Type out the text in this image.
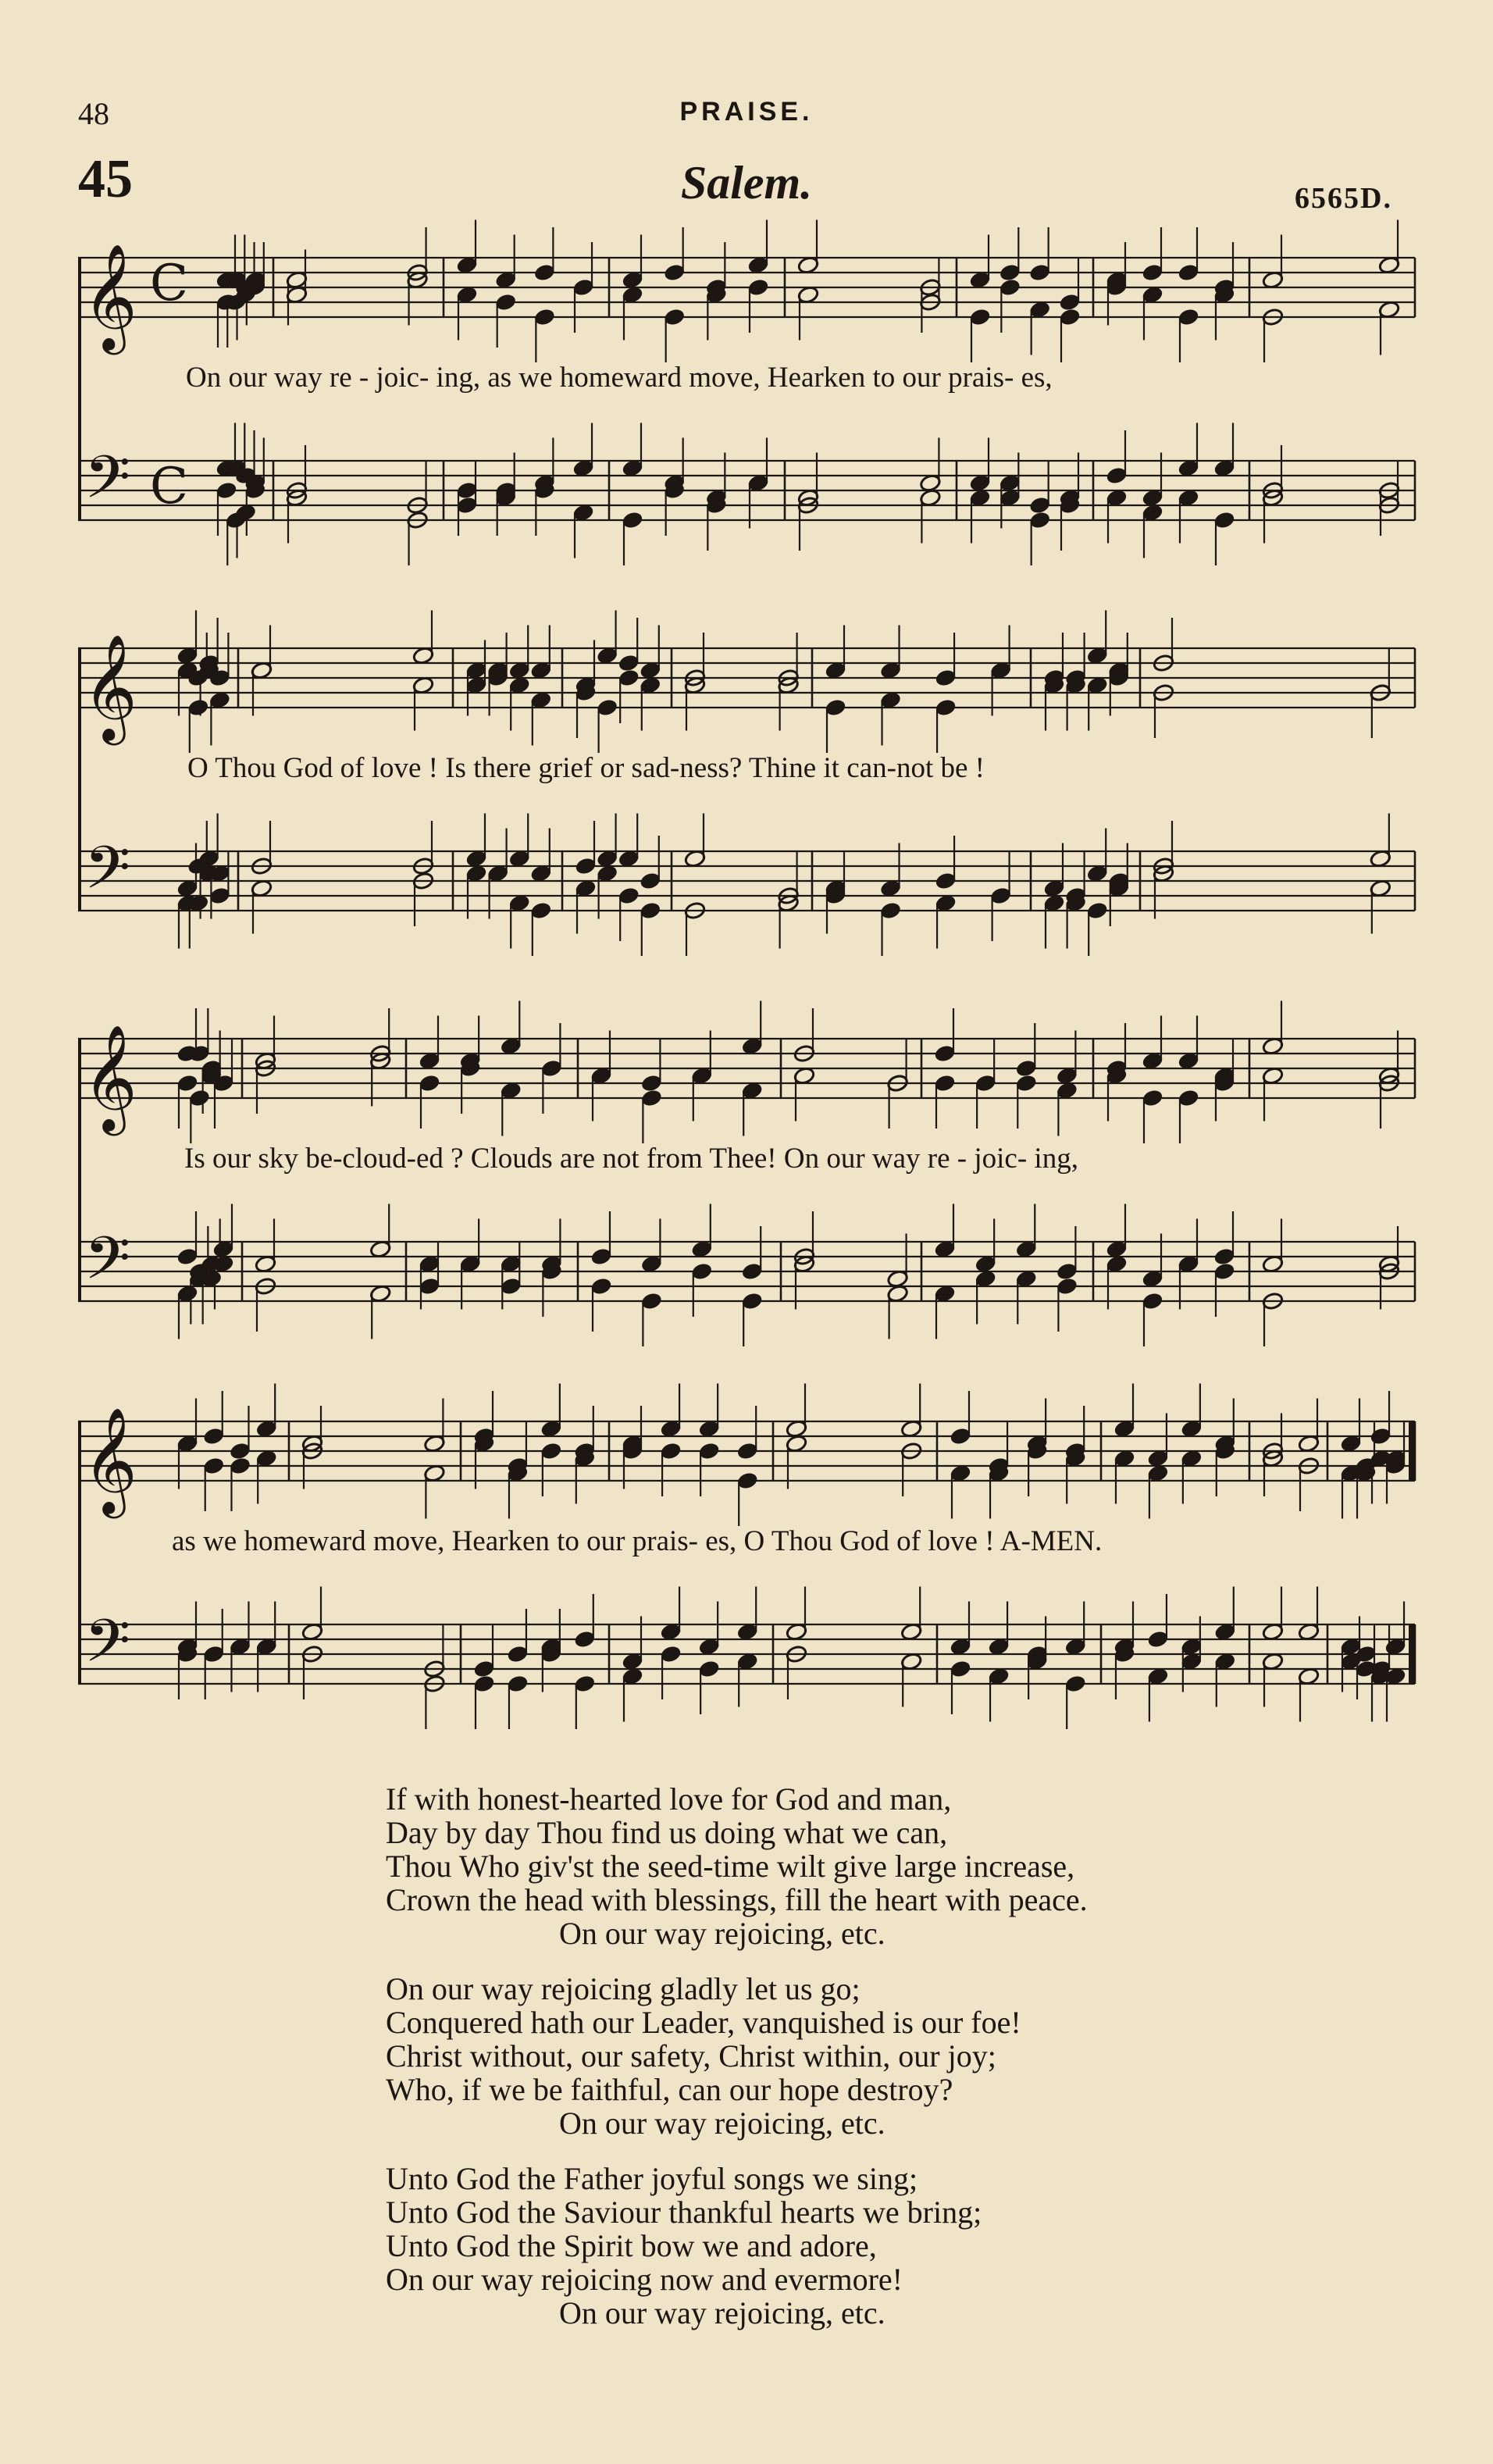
48	PRAISE.
45	Salem.	6565D.
𝄞
𝄢
C
C
On our way re - joic- ing, as we homeward move, Hearken to our prais- es,
𝄞
𝄢
O Thou God of love ! Is there grief or sad-ness? Thine it can-not be !
𝄞
𝄢
Is our sky be-cloud-ed ? Clouds are not from Thee! On our way re - joic- ing,
𝄞
𝄢
as we homeward move, Hearken to our prais- es, O Thou God of love ! A-MEN.
If with honest-hearted love for God and man,
Day by day Thou find us doing what we can,
Thou Who giv'st the seed-time wilt give large increase,
Crown the head with blessings, fill the heart with peace.
On our way rejoicing, etc.
On our way rejoicing gladly let us go;
Conquered hath our Leader, vanquished is our foe!
Christ without, our safety, Christ within, our joy;
Who, if we be faithful, can our hope destroy?
On our way rejoicing, etc.
Unto God the Father joyful songs we sing;
Unto God the Saviour thankful hearts we bring;
Unto God the Spirit bow we and adore,
On our way rejoicing now and evermore!
On our way rejoicing, etc.
